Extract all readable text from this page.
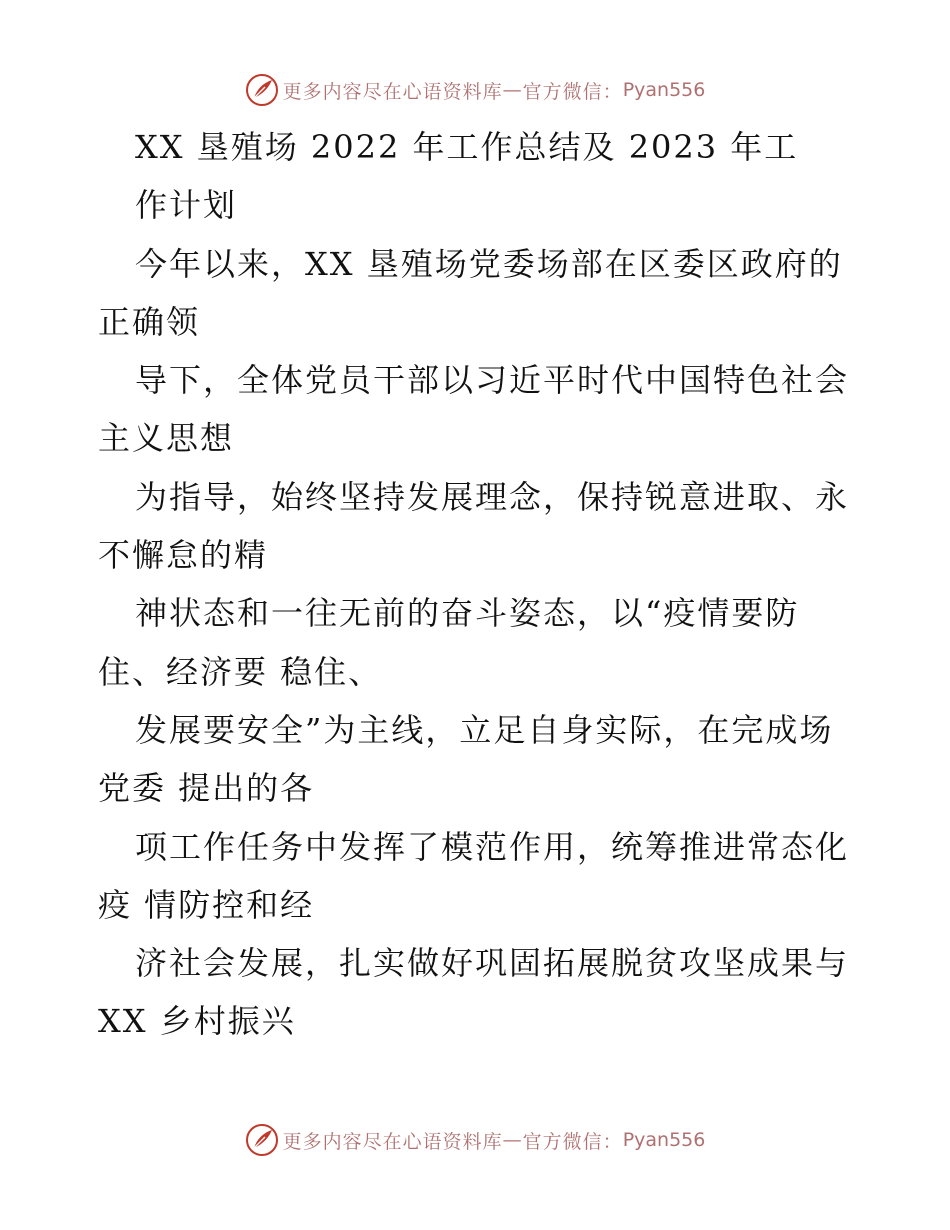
更多内容尽在心语资料库 — 官方微信： Pyan556
XX 垦殖场 2022 年工作总结及 2023 年工
作计划
今年以来，XX 垦殖场党委场部在区委区政府的
正确领
导下，全体党员干部以习近平时代中国特色社会
主义思想
为指导，始终坚持发展理念，保持锐意进取、永
不懈怠的精
神状态和一往无前的奋斗姿态，以“疫情要防
住、经济要 稳住、
发展要安全”为主线，立足自身实际，在完成场
党委 提出的各
项工作任务中发挥了模范作用，统筹推进常态化
疫 情防控和经
济社会发展，扎实做好巩固拓展脱贫攻坚成果与
XX 乡村振兴
更多内容尽在心语资料库 — 官方微信： Pyan556
